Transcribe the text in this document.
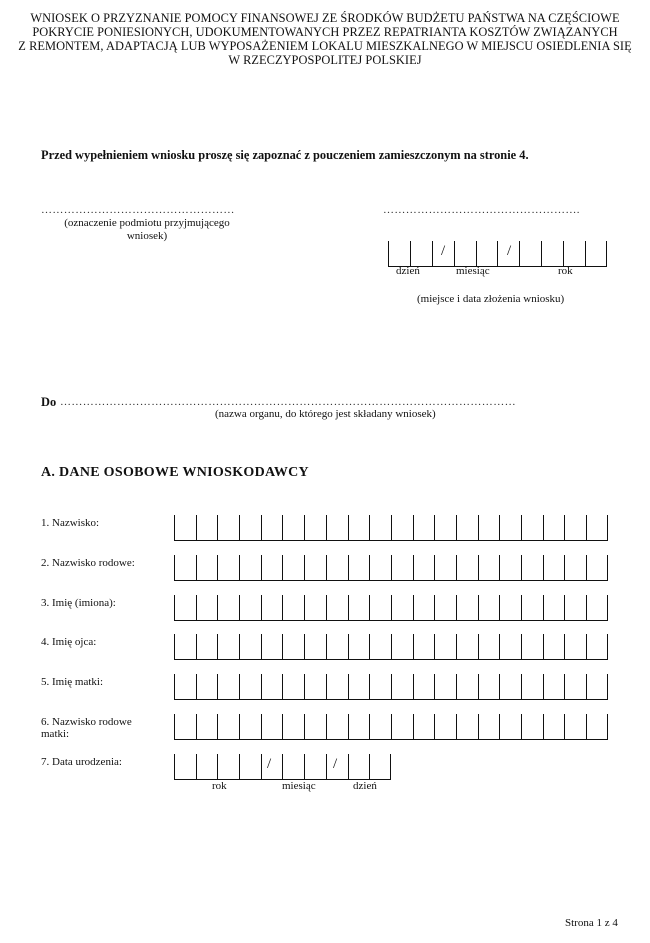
WNIOSEK O PRZYZNANIE POMOCY FINANSOWEJ ZE ŚRODKÓW BUDŻETU PAŃSTWA NA CZĘŚCIOWE
POKRYCIE PONIESIONYCH, UDOKUMENTOWANYCH PRZEZ REPATRIANTA KOSZTÓW ZWIĄZANYCH
Z REMONTEM, ADAPTACJĄ LUB WYPOSAŻENIEM LOKALU MIESZKALNEGO W MIEJSCU OSIEDLENIA SIĘ
W RZECZYPOSPOLITEJ POLSKIEJ
Przed wypełnieniem wniosku proszę się zapoznać z pouczeniem zamieszczonym na stronie 4.
……………………………………………
(oznaczenie podmiotu przyjmującego
wniosek)
…………………………………………….
/	/
dzień	miesiąc	rok
(miejsce i data złożenia wniosku)
Do …………………………………………………………………………………………………………
(nazwa organu, do którego jest składany wniosek)
A. DANE OSOBOWE WNIOSKODAWCY
1. Nazwisko:
2. Nazwisko rodowe:
3. Imię (imiona):
4. Imię ojca:
5. Imię matki:
6. Nazwisko rodowe
matki:
7. Data urodzenia:	/	/
rok	miesiąc	dzień
Strona 1 z 4
